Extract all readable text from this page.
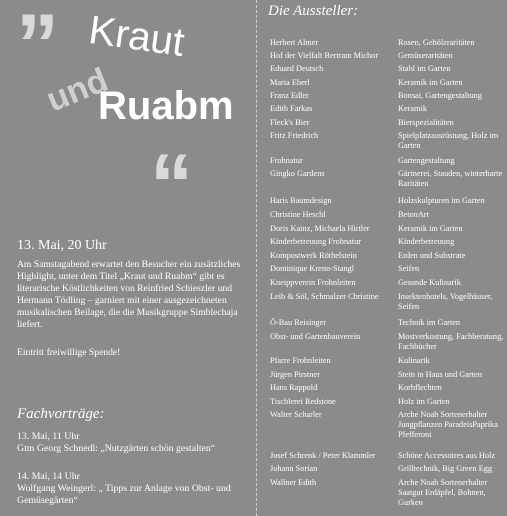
” Kraut
und
Ruabm
“
13. Mai, 20 Uhr
Am Samstagabend erwartet den Besucher ein zusätzliches Highlight, unter dem Titel „Kraut und Ruabm“ gibt es literarische Köstlichkeiten von Reinfried Schieszler und Hermann Tödling – garniert mit einer ausgezeichneten musikalischen Beilage, die die Musikgruppe Simblechaja liefert.
Eintritt freiwillige Spende!
Fachvorträge:
13. Mai, 11 Uhr
Gtm Georg Schnedl: „Nutzgärten schön gestalten“
14. Mai, 14 Uhr
Wolfgang Weingerl: „ Tipps zur Anlage von Obst- und Gemüsegärten“
Die Aussteller:
Herbert Almer	Rosen, Gehölzraritäten
Hof der Vielfalt Bertram Michor	Gemüseraritäten
Eduard Deutsch	Stahl im Garten
Maria Eberl	Keramik im Garten
Franz Edler	Bonsai, Gartengestaltung
Edith Farkas	Keramik
Fleck's Bier	Bierspezialitäten
Fritz Friedrich	Spielplatzausrüstung, Holz im Garten
Frohnatur	Gartengestaltung
Gingko Gardens	Gärtnerei, Stauden, winterharte Raritäten
Haris Baumdesign	Holzskulpturen im Garten
Christine Heschl	BetonArt
Doris Kainz, Michaela Hirtler	Keramik im Garten
Kinderbetreuung Frohnatur	Kinderbetreuung
Kompostwerk Röthelstein	Erden und Substrate
Dominique Krenn-Stangl	Seifen
Kneippverein Frohnleiten	Gesunde Kulinarik
Leib & Söl, Schmalzer Christine	Insektenhotels, Vogelhäuser, Seifen
Ö-Bau Reisinger	Technik im Garten
Obst- und Gartenbauverein	Mostverkostung, Fachberatung, Fachbücher
Pfarre Frohnleiten	Kulinarik
Jürgen Pirstner	Stein in Haus und Garten
Hans Rappold	Korbflechten
Tischlerei Redstone	Holz im Garten
Walter Scharler	Arche Noah Sortenerhalter Jungpflanzen ParadeisPaprika Pfefferoni
Josef Schrenk / Peter Klammler	Schöne Accessoires aus Holz
Johann Sorian	Grilltechnik, Big Green Egg
Wallner Edith	Arche Noah Sortenerhalter Saatgut Erdäpfel, Bohnen, Gurken
